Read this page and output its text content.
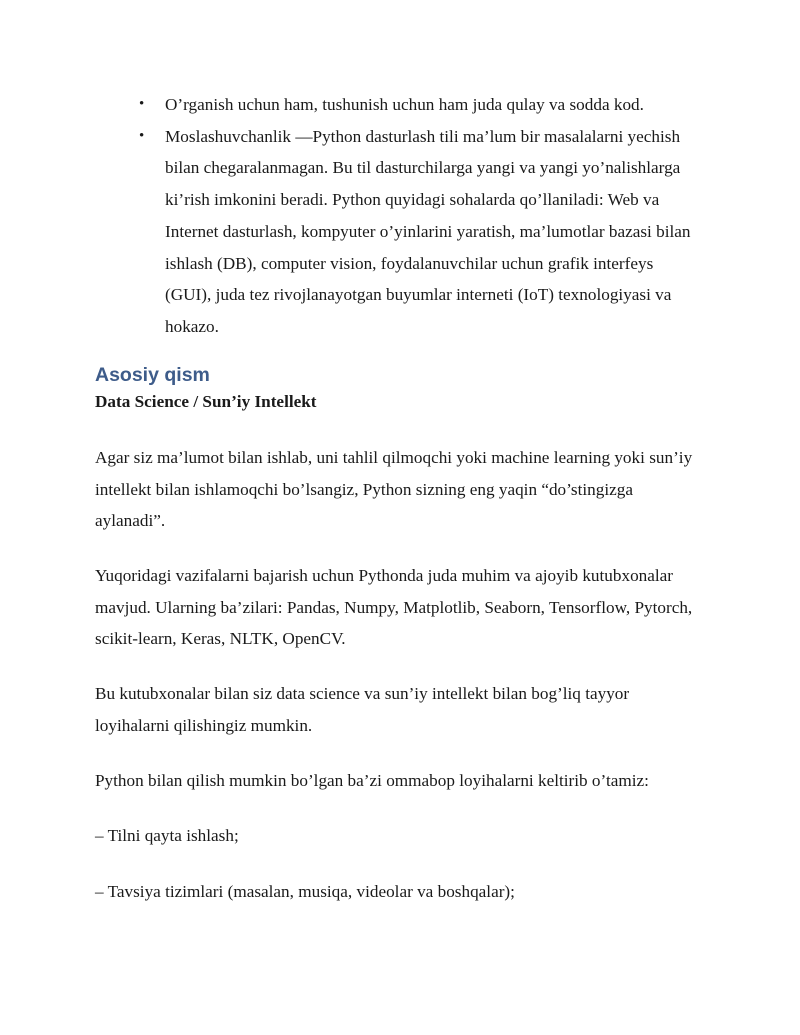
• O’rganish uchun ham, tushunish uchun ham juda qulay va sodda kod.
• Moslashuvchanlik —Python dasturlash tili ma’lum bir masalalarni yechish bilan chegaralanmagan. Bu til dasturchilarga yangi va yangi yo’nalishlarga ki’rish imkonini beradi. Python quyidagi sohalarda qo’llaniladi: Web va Internet dasturlash, kompyuter o’yinlarini yaratish, ma’lumotlar bazasi bilan ishlash (DB), computer vision, foydalanuvchilar uchun grafik interfeys (GUI), juda tez rivojlanayotgan buyumlar interneti (IoT) texnologiyasi va hokazo.
Asosiy qism
Data Science / Sun’iy Intellekt

Agar siz ma’lumot bilan ishlab, uni tahlil qilmoqchi yoki machine learning yoki sun’iy intellekt bilan ishlamoqchi bo’lsangiz, Python sizning eng yaqin “do’stingizga aylanadi”.

Yuqoridagi vazifalarni bajarish uchun Pythonda juda muhim va ajoyib kutubxonalar mavjud. Ularning ba’zilari: Pandas, Numpy, Matplotlib, Seaborn, Tensorflow, Pytorch, scikit-learn, Keras, NLTK, OpenCV.

Bu kutubxonalar bilan siz data science va sun’iy intellekt bilan bog’liq tayyor loyihalarni qilishingiz mumkin.

Python bilan qilish mumkin bo’lgan ba’zi ommabop loyihalarni keltirib o’tamiz:

– Tilni qayta ishlash;

– Tavsiya tizimlari (masalan, musiqa, videolar va boshqalar);
